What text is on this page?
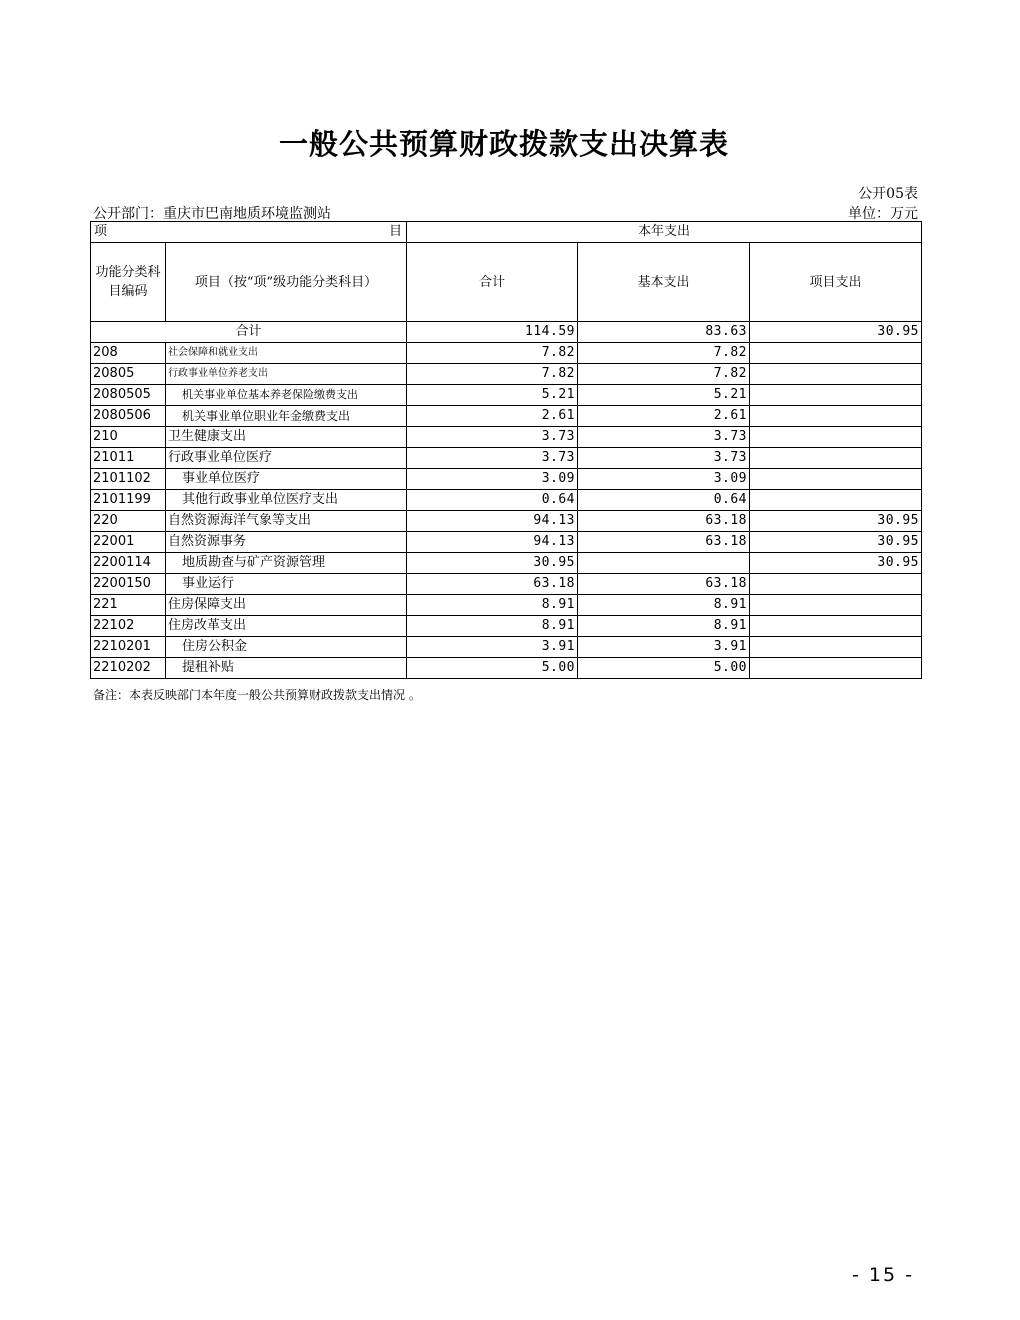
一般公共预算财政拨款支出决算表
公开05表
公开部门：重庆市巴南地质环境监测站	单位：万元
项 目		本年支出		
功能分类科目编码	项目（按“项”级功能分类科目）	合计	基本支出	项目支出
合计		114.59	83.63	30.95
208	社会保障和就业支出	7.82	7.82	
20805	行政事业单位养老支出	7.82	7.82	
2080505	机关事业单位基本养老保险缴费支出	5.21	5.21	
2080506	机关事业单位职业年金缴费支出	2.61	2.61	
210	卫生健康支出	3.73	3.73	
21011	行政事业单位医疗	3.73	3.73	
2101102	事业单位医疗	3.09	3.09	
2101199	其他行政事业单位医疗支出	0.64	0.64	
220	自然资源海洋气象等支出	94.13	63.18	30.95
22001	自然资源事务	94.13	63.18	30.95
2200114	地质勘查与矿产资源管理	30.95		30.95
2200150	事业运行	63.18	63.18	
221	住房保障支出	8.91	8.91	
22102	住房改革支出	8.91	8.91	
2210201	住房公积金	3.91	3.91	
2210202	提租补贴	5.00	5.00	
备注：本表反映部门本年度一般公共预算财政拨款支出情况 。
- 15 -
